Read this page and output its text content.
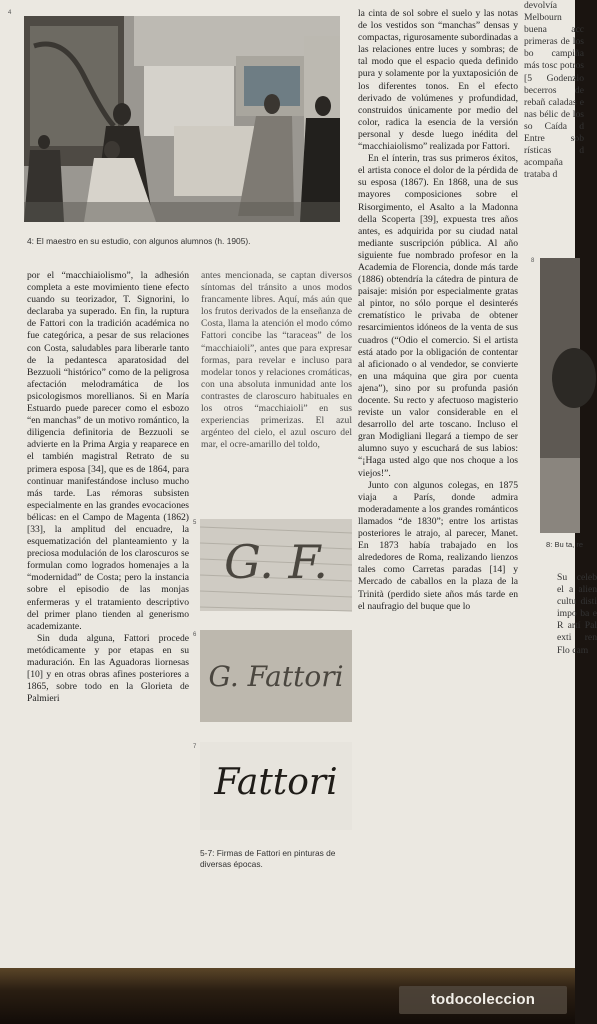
4
4: El maestro en su estudio, con algunos alumnos (h. 1905).

por el “macchiaiolismo”, la adhesión completa a este movimiento tiene efecto cuando su teorizador, T. Signorini, lo declaraba ya superado. En fin, la ruptura de Fattori con la tradición académica no fue categórica, a pesar de sus relaciones con Costa, saludables para liberarle tanto de la pedantesca aparatosidad del Bezzuoli “histórico” como de la peligrosa afectación melodramática de los psicologismos morellianos. Si en María Estuardo puede parecer como el esbozo “en manchas” de un motivo romántico, la diligencia definitoria de Bezzuoli se advierte en la Prima Argia y reaparece en el también magistral Retrato de su primera esposa [34], que es de 1864, para continuar manifestándose incluso mucho más tarde. Las rémoras subsisten especialmente en las grandes evocaciones bélicas: en el Campo de Magenta (1862) [33], la amplitud del encuadre, la esquematización del planteamiento y la preciosa modulación de los claroscuros se formulan como logrados homenajes a la “modernidad” de Costa; pero la instancia sobre el episodio de las monjas enfermeras y el tratamiento descriptivo del primer plano tienden al generismo academizante.

Sin duda alguna, Fattori procede metódicamente y por etapas en su maduración. En las Aguadoras liornesas [10] y en otras obras afines posteriores a 1865, sobre todo en la Glorieta de Palmieri

antes mencionada, se captan diversos síntomas del tránsito a unos modos francamente libres. Aquí, más aún que los frutos derivados de la enseñanza de Costa, llama la atención el modo cómo Fattori concibe las “taraceas” de los “macchiaioli”, antes que para expresar formas, para revelar e incluso para modelar tonos y relaciones cromáticas, con una absoluta inmunidad ante los contrastes de claroscuro habituales en los otros “macchiaioli” en sus experiencias primerizas. El azul argénteo del cielo, el azul oscuro del mar, el ocre-amarillo del toldo,

5
G. F.
6
G. Fattori
7
Fattori
5-7: Firmas de Fattori en pinturas de diversas épocas.

la cinta de sol sobre el suelo y las notas de los vestidos son “manchas” densas y compactas, rigurosamente subordinadas a las relaciones entre luces y sombras; de tal modo que el espacio queda definido pura y solamente por la yuxtaposición de los diferentes tonos. En el efecto derivado de volúmenes y profundidad, construidos únicamente por medio del color, radica la esencia de la versión personal y desde luego inédita del “macchiaiolismo” realizada por Fattori.

En el ínterin, tras sus primeros éxitos, el artista conoce el dolor de la pérdida de su esposa (1867). En 1868, una de sus mayores composiciones sobre el Risorgimento, el Asalto a la Madonna della Scoperta [39], expuesta tres años antes, es adquirida por su ciudad natal mediante suscripción pública. Al año siguiente fue nombrado profesor en la Academia de Florencia, donde más tarde (1886) obtendría la cátedra de pintura de paisaje: misión por especialmente gratas al pintor, no sólo porque el desinterés crematístico le privaba de obtener resarcimientos idóneos de la venta de sus cuadros (“Odio el comercio. Si el artista está atado por la obligación de contentar al aficionado o al vendedor, se convierte en una máquina que gira por cuenta ajena”), sino por su profunda pasión docente. Su recto y afectuoso magisterio reviste un valor considerable en el desarrollo del arte toscano. Incluso el gran Modigliani llegará a tiempo de ser alumno suyo y escuchará de sus labios: “¡Haga usted algo que nos choque a los viejos!”.

Junto con algunos colegas, en 1875 viaja a París, donde admira moderadamente a los grandes románticos llamados “de 1830”; entre los artistas posteriores le atrajo, al parecer, Manet. En 1873 había trabajado en los alrededores de Roma, realizando lienzos tales como Carretas paradas [14] y Mercado de caballos en la plaza de la Trinità (perdido siete años más tarde en el naufragio del buque que lo

devolvía Melbourn buena acc primeras de los bo campiña más tosc potros [5 Godenzio becerros de rebañ caladas e nas bélic de los so Caída d Entre sob rísticas d acompaña trataba d

8
8: Bu ta, re

Su celeb el a alien cultu disti impo ba e R artí Pal exti ren Flo cam

todocoleccion
